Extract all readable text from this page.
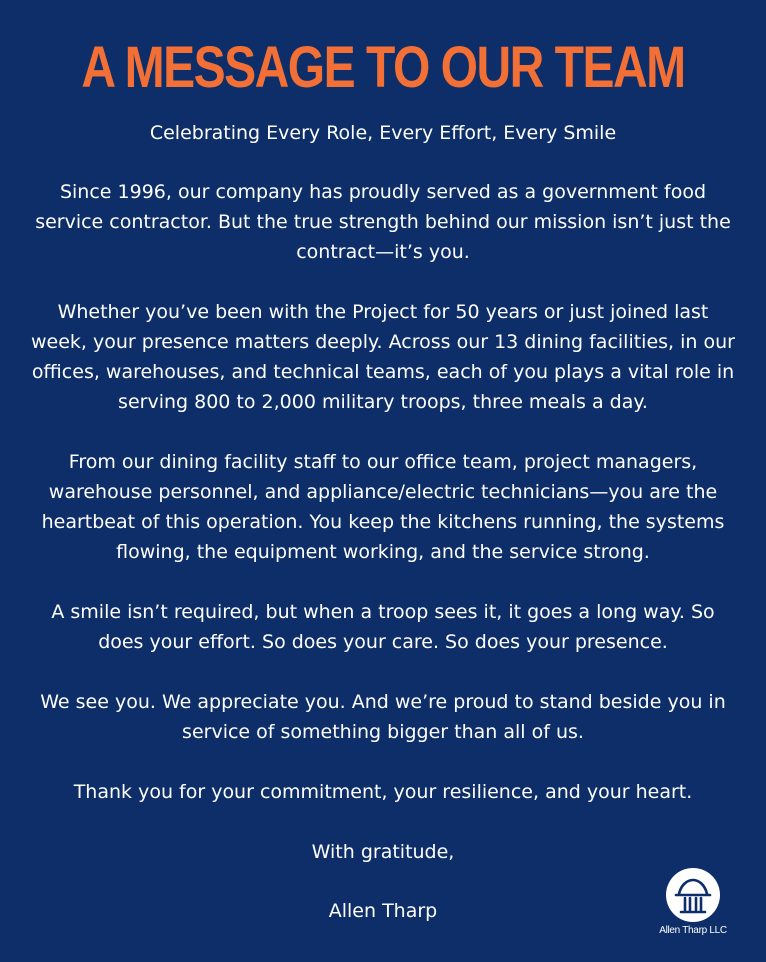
A MESSAGE TO OUR TEAM
Celebrating Every Role, Every Effort, Every Smile

Since 1996, our company has proudly served as a government food service contractor. But the true strength behind our mission isn’t just the contract—it’s you.

Whether you’ve been with the Project for 50 years or just joined last week, your presence matters deeply. Across our 13 dining facilities, in our offices, warehouses, and technical teams, each of you plays a vital role in serving 800 to 2,000 military troops, three meals a day.

From our dining facility staff to our office team, project managers, warehouse personnel, and appliance/electric technicians—you are the heartbeat of this operation. You keep the kitchens running, the systems flowing, the equipment working, and the service strong.

A smile isn’t required, but when a troop sees it, it goes a long way. So does your effort. So does your care. So does your presence.

We see you. We appreciate you. And we’re proud to stand beside you in service of something bigger than all of us.

Thank you for your commitment, your resilience, and your heart.

With gratitude,

Allen Tharp

Allen Tharp LLC
